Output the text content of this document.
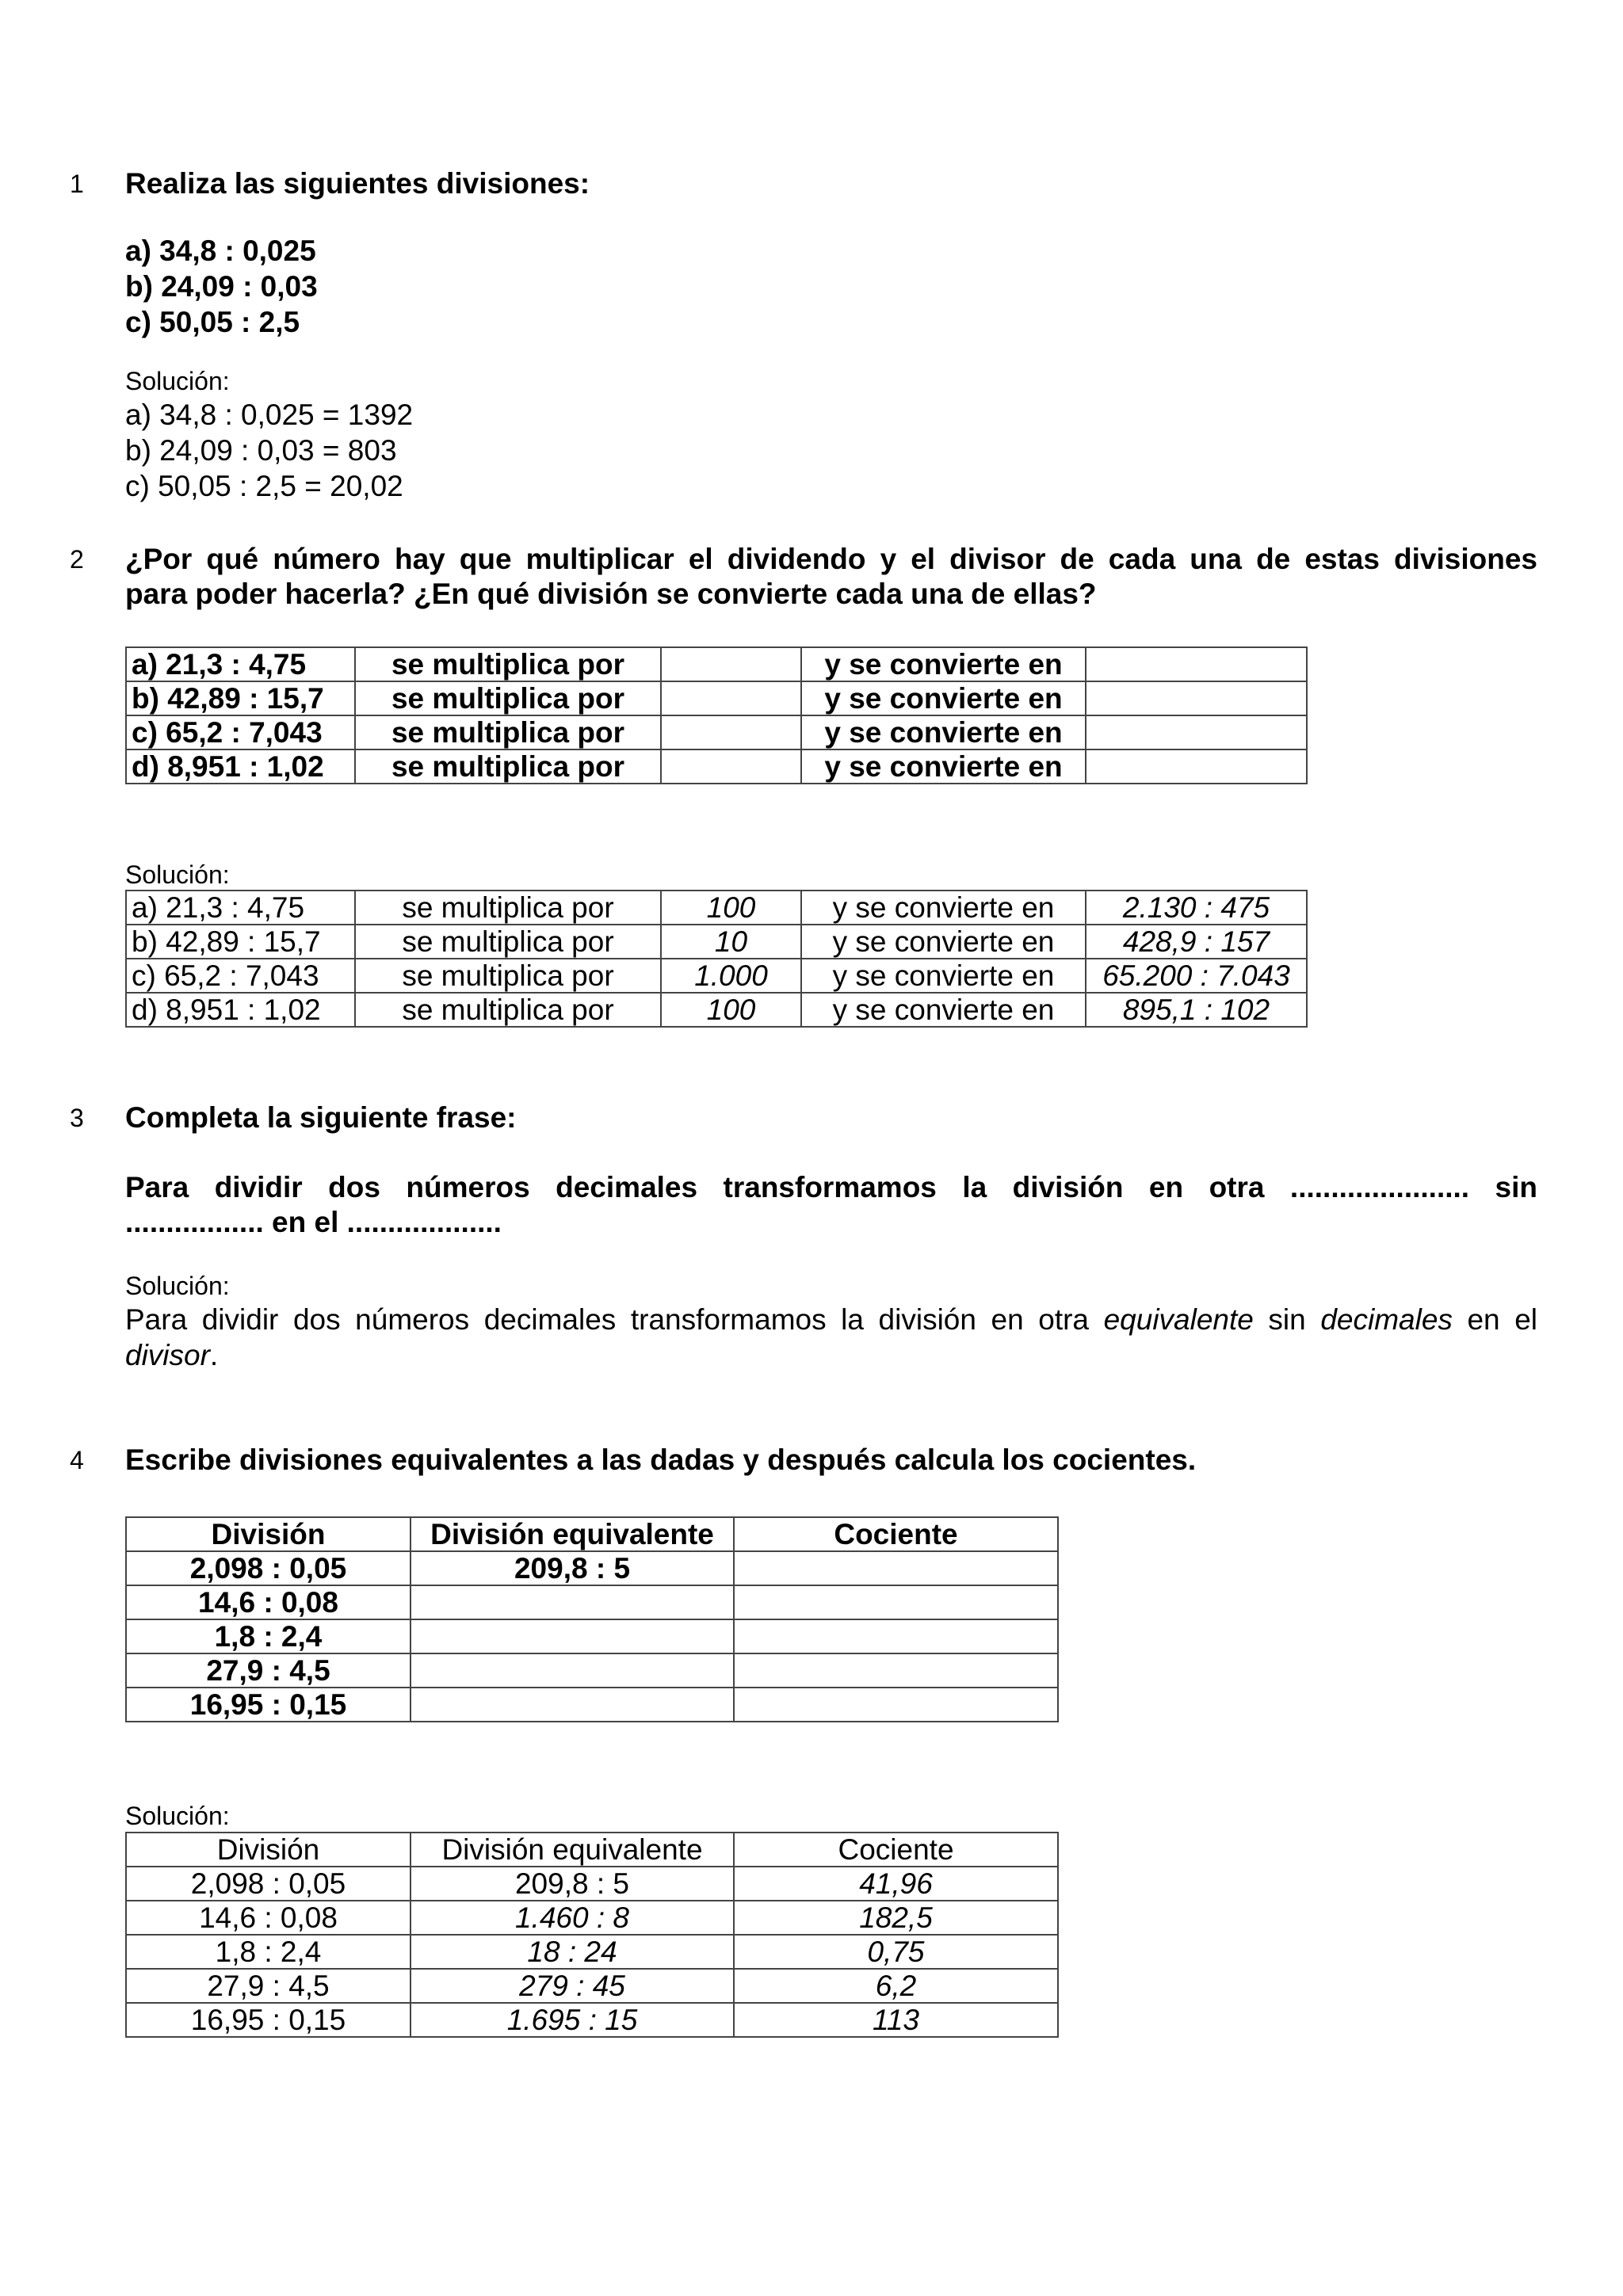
1 Realiza las siguientes divisiones:
a) 34,8 : 0,025
b) 24,09 : 0,03
c) 50,05 : 2,5
Solución:
a) 34,8 : 0,025 = 1392
b) 24,09 : 0,03 = 803
c) 50,05 : 2,5 = 20,02
2 ¿Por qué número hay que multiplicar el dividendo y el divisor de cada una de estas divisiones
para poder hacerla? ¿En qué división se convierte cada una de ellas?
a) 21,3 : 4,75	se multiplica por		y se convierte en	
b) 42,89 : 15,7	se multiplica por		y se convierte en	
c) 65,2 : 7,043	se multiplica por		y se convierte en	
d) 8,951 : 1,02	se multiplica por		y se convierte en	
Solución:
a) 21,3 : 4,75	se multiplica por	100	y se convierte en	2.130 : 475
b) 42,89 : 15,7	se multiplica por	10	y se convierte en	428,9 : 157
c) 65,2 : 7,043	se multiplica por	1.000	y se convierte en	65.200 : 7.043
d) 8,951 : 1,02	se multiplica por	100	y se convierte en	895,1 : 102
3 Completa la siguiente frase:
Para dividir dos números decimales transformamos la división en otra ...................... sin
................. en el ...................
Solución:
Para dividir dos números decimales transformamos la división en otra equivalente sin decimales en el
divisor.
4 Escribe divisiones equivalentes a las dadas y después calcula los cocientes.
División	División equivalente	Cociente
2,098 : 0,05	209,8 : 5	
14,6 : 0,08		
1,8 : 2,4		
27,9 : 4,5		
16,95 : 0,15		
Solución:
División	División equivalente	Cociente
2,098 : 0,05	209,8 : 5	41,96
14,6 : 0,08	1.460 : 8	182,5
1,8 : 2,4	18 : 24	0,75
27,9 : 4,5	279 : 45	6,2
16,95 : 0,15	1.695 : 15	113
